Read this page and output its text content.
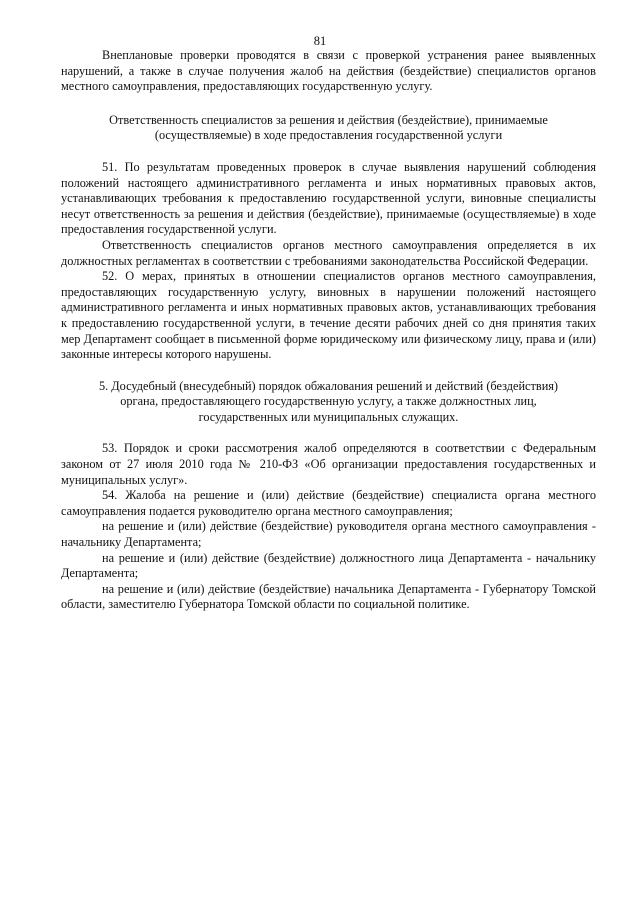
81

Внеплановые проверки проводятся в связи с проверкой устранения ранее выявленных нарушений, а также в случае получения жалоб на действия (бездействие) специалистов органов местного самоуправления, предоставляющих государственную услугу.

Ответственность специалистов за решения и действия (бездействие), принимаемые
(осуществляемые) в ходе предоставления государственной услуги

51. По результатам проведенных проверок в случае выявления нарушений соблюдения положений настоящего административного регламента и иных нормативных правовых актов, устанавливающих требования к предоставлению государственной услуги, виновные специалисты несут ответственность за решения и действия (бездействие), принимаемые (осуществляемые) в ходе предоставления государственной услуги.

Ответственность специалистов органов местного самоуправления определяется в их должностных регламентах в соответствии с требованиями законодательства Российской Федерации.

52. О мерах, принятых в отношении специалистов органов местного самоуправления, предоставляющих государственную услугу, виновных в нарушении положений настоящего административного регламента и иных нормативных правовых актов, устанавливающих требования к предоставлению государственной услуги, в течение десяти рабочих дней со дня принятия таких мер Департамент сообщает в письменной форме юридическому или физическому лицу, права и (или) законные интересы которого нарушены.

5. Досудебный (внесудебный) порядок обжалования решений и действий (бездействия)
органа, предоставляющего государственную услугу, а также должностных лиц,
государственных или муниципальных служащих.

53. Порядок и сроки рассмотрения жалоб определяются в соответствии с Федеральным законом от 27 июля 2010 года № 210-ФЗ «Об организации предоставления государственных и муниципальных услуг».

54. Жалоба на решение и (или) действие (бездействие) специалиста органа местного самоуправления подается руководителю органа местного самоуправления;

на решение и (или) действие (бездействие) руководителя органа местного самоуправления - начальнику Департамента;

на решение и (или) действие (бездействие) должностного лица Департамента - начальнику Департамента;

на решение и (или) действие (бездействие) начальника Департамента - Губернатору Томской области, заместителю Губернатора Томской области по социальной политике.
